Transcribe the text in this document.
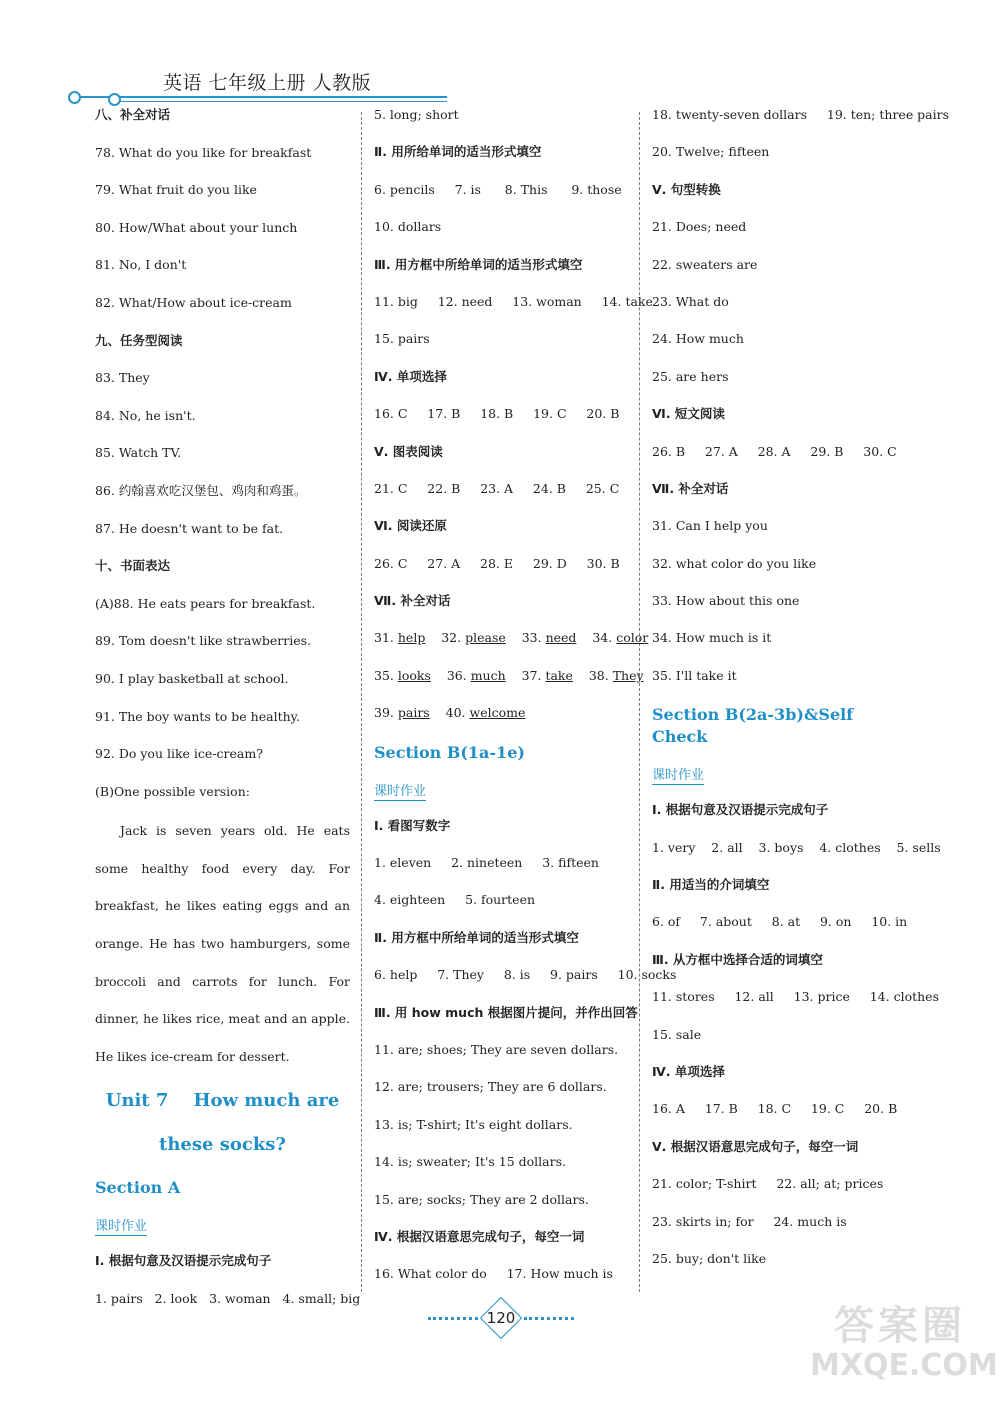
英语 七年级上册 人教版
八、补全对话
78. What do you like for breakfast
79. What fruit do you like
80. How/What about your lunch
81. No, I don't
82. What/How about ice-cream
九、任务型阅读
83. They
84. No, he isn't.
85. Watch TV.
86. 约翰喜欢吃汉堡包、鸡肉和鸡蛋。
87. He doesn't want to be fat.
十、书面表达
(A)88. He eats pears for breakfast.
89. Tom doesn't like strawberries.
90. I play basketball at school.
91. The boy wants to be healthy.
92. Do you like ice-cream?
(B)One possible version:

Jack is seven years old. He eats some healthy food every day. For breakfast, he likes eating eggs and an orange. He has two hamburgers, some broccoli and carrots for lunch. For dinner, he likes rice, meat and an apple. He likes ice-cream for dessert.

Unit 7    How much are
these socks?
Section A
课时作业
Ⅰ. 根据句意及汉语提示完成句子
1. pairs   2. look   3. woman   4. small; big
5. long; short
Ⅱ. 用所给单词的适当形式填空
6. pencils     7. is      8. This      9. those
10. dollars
Ⅲ. 用方框中所给单词的适当形式填空
11. big     12. need     13. woman     14. take
15. pairs
Ⅳ. 单项选择
16. C     17. B     18. B     19. C     20. B
Ⅴ. 图表阅读
21. C     22. B     23. A     24. B     25. C
Ⅵ. 阅读还原
26. C     27. A     28. E     29. D     30. B
Ⅶ. 补全对话
31. help 32. please 33. need 34. color
35. looks 36. much 37. take 38. They
39. pairs 40. welcome
Section B(1a-1e)
课时作业
Ⅰ. 看图写数字
1. eleven     2. nineteen     3. fifteen
4. eighteen     5. fourteen
Ⅱ. 用方框中所给单词的适当形式填空
6. help     7. They     8. is     9. pairs     10. socks
Ⅲ. 用 how much 根据图片提问，并作出回答
11. are; shoes; They are seven dollars.
12. are; trousers; They are 6 dollars.
13. is; T-shirt; It's eight dollars.
14. is; sweater; It's 15 dollars.
15. are; socks; They are 2 dollars.
Ⅳ. 根据汉语意思完成句子，每空一词
16. What color do     17. How much is
18. twenty-seven dollars     19. ten; three pairs
20. Twelve; fifteen
Ⅴ. 句型转换
21. Does; need
22. sweaters are
23. What do
24. How much
25. are hers
Ⅵ. 短文阅读
26. B     27. A     28. A     29. B     30. C
Ⅶ. 补全对话
31. Can I help you
32. what color do you like
33. How about this one
34. How much is it
35. I'll take it
Section B(2a-3b)&Self Check
课时作业
Ⅰ. 根据句意及汉语提示完成句子
1. very    2. all    3. boys    4. clothes    5. sells
Ⅱ. 用适当的介词填空
6. of     7. about     8. at     9. on     10. in
Ⅲ. 从方框中选择合适的词填空
11. stores     12. all     13. price     14. clothes
15. sale
Ⅳ. 单项选择
16. A     17. B     18. C     19. C     20. B
Ⅴ. 根据汉语意思完成句子，每空一词
21. color; T-shirt     22. all; at; prices
23. skirts in; for     24. much is
25. buy; don't like
120	答案圈
MXQE.COM
